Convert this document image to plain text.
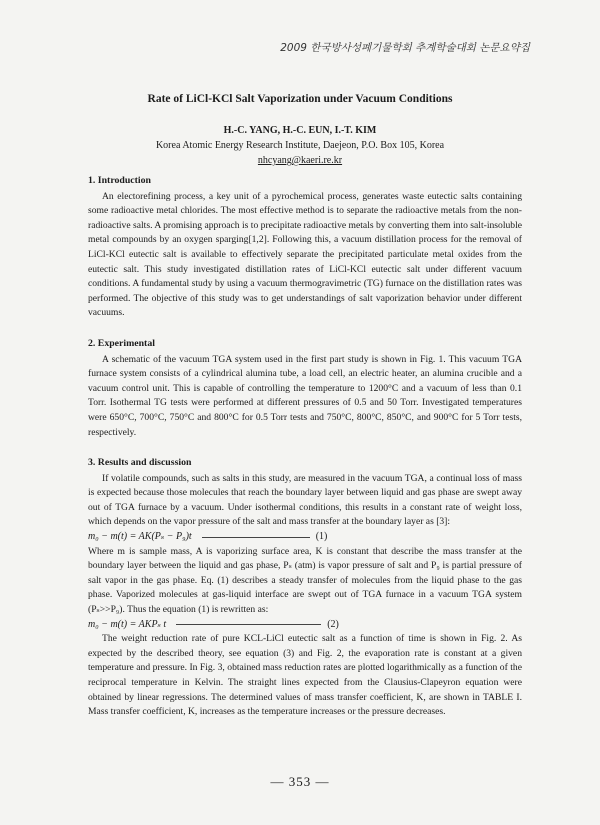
2009 한국방사성폐기물학회 추계학술대회 논문요약집
Rate of LiCl-KCl Salt Vaporization under Vacuum Conditions
H.-C. YANG, H.-C. EUN, I.-T. KIM
Korea Atomic Energy Research Institute, Daejeon, P.O. Box 105, Korea
nhcyang@kaeri.re.kr
1. Introduction

An electorefining process, a key unit of a pyrochemical process, generates waste eutectic salts containing some radioactive metal chlorides. The most effective method is to separate the radioactive metals from the non-radioactive salts. A promising approach is to precipitate radioactive metals by converting them into salt-insoluble metal compounds by an oxygen sparging[1,2]. Following this, a vacuum distillation process for the removal of LiCl-KCl eutectic salt is available to effectively separate the precipitated particulate metal oxides from the eutectic salt. This study investigated distillation rates of LiCl-KCl eutectic salt under different vacuum conditions. A fundamental study by using a vacuum thermogravimetric (TG) furnace on the distillation rates was performed. The objective of this study was to get understandings of salt vaporization behavior under different vacuums.

2. Experimental

A schematic of the vacuum TGA system used in the first part study is shown in Fig. 1. This vacuum TGA furnace system consists of a cylindrical alumina tube, a load cell, an electric heater, an alumina crucible and a vacuum control unit. This is capable of controlling the temperature to 1200°C and a vacuum of less than 0.1 Torr. Isothermal TG tests were performed at different pressures of 0.5 and 50 Torr. Investigated temperatures were 650°C, 700°C, 750°C and 800°C for 0.5 Torr tests and 750°C, 800°C, 850°C, and 900°C for 5 Torr tests, respectively.

3. Results and discussion

If volatile compounds, such as salts in this study, are measured in the vacuum TGA, a continual loss of mass is expected because those molecules that reach the boundary layer between liquid and gas phase are swept away out of TGA furnace by a vacuum. Under isothermal conditions, this results in a constant rate of weight loss, which depends on the vapor pressure of the salt and mass transfer at the boundary layer as [3]:

m₀ − m(t) = AK(Pₛ − P₉)t	(1)

Where m is sample mass, A is vaporizing surface area, K is constant that describe the mass transfer at the boundary layer between the liquid and gas phase, Pₛ (atm) is vapor pressure of salt and P₉ is partial pressure of salt vapor in the gas phase. Eq. (1) describes a steady transfer of molecules from the liquid phase to the gas phase. Vaporized molecules at gas-liquid interface are swept out of TGA furnace in a vacuum TGA system (Pₛ>>P₉). Thus the equation (1) is rewritten as:

m₀ − m(t) = AKPₛ t	(2)

The weight reduction rate of pure KCL-LiCl eutectic salt as a function of time is shown in Fig. 2. As expected by the described theory, see equation (3) and Fig. 2, the evaporation rate is constant at a given temperature and pressure. In Fig. 3, obtained mass reduction rates are plotted logarithmically as a function of the reciprocal temperature in Kelvin. The straight lines expected from the Clausius-Clapeyron equation were obtained by linear regressions. The determined values of mass transfer coefficient, K, are shown in TABLE I. Mass transfer coefficient, K, increases as the temperature increases or the pressure decreases.

— 353 —
